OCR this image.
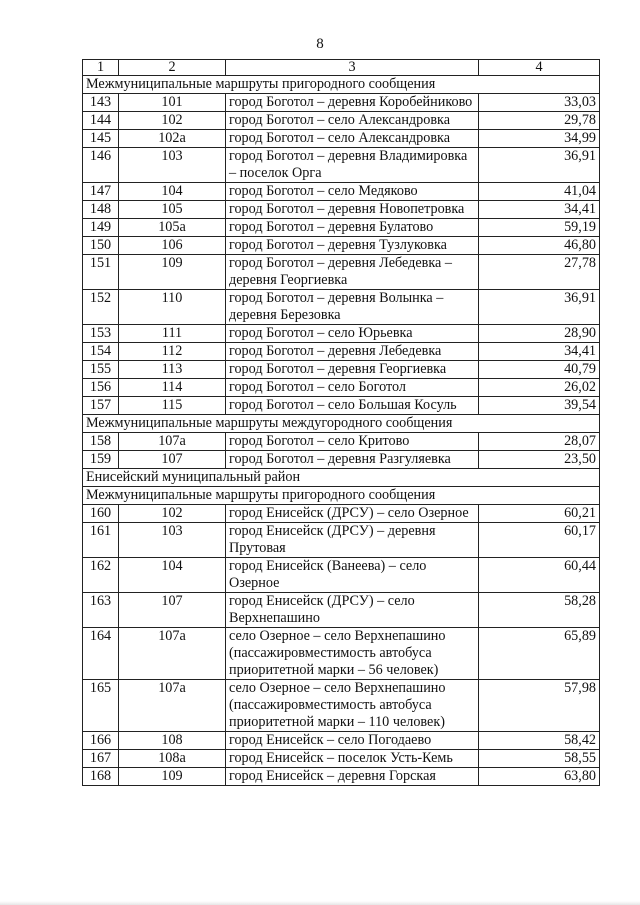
8
1	2	3	4
Межмуниципальные маршруты пригородного сообщения			
143	101	город Боготол – деревня Коробейниково	33,03
144	102	город Боготол – село Александровка	29,78
145	102а	город Боготол – село Александровка	34,99
146	103	город Боготол – деревня Владимировка – поселок Орга	36,91
147	104	город Боготол – село Медяково	41,04
148	105	город Боготол – деревня Новопетровка	34,41
149	105а	город Боготол – деревня Булатово	59,19
150	106	город Боготол – деревня Тузлуковка	46,80
151	109	город Боготол – деревня Лебедевка – деревня Георгиевка	27,78
152	110	город Боготол – деревня Волынка – деревня Березовка	36,91
153	111	город Боготол – село Юрьевка	28,90
154	112	город Боготол – деревня Лебедевка	34,41
155	113	город Боготол – деревня Георгиевка	40,79
156	114	город Боготол – село Боготол	26,02
157	115	город Боготол – село Большая Косуль	39,54
Межмуниципальные маршруты междугородного сообщения			
158	107а	город Боготол – село Критово	28,07
159	107	город Боготол – деревня Разгуляевка	23,50
Енисейский муниципальный район			
Межмуниципальные маршруты пригородного сообщения			
160	102	город Енисейск (ДРСУ) – село Озерное	60,21
161	103	город Енисейск (ДРСУ) – деревня Прутовая	60,17
162	104	город Енисейск (Ванеева) – село Озерное	60,44
163	107	город Енисейск (ДРСУ) – село Верхнепашино	58,28
164	107а	село Озерное – село Верхнепашино (пассажировместимость автобуса приоритетной марки – 56 человек)	65,89
165	107а	село Озерное – село Верхнепашино (пассажировместимость автобуса приоритетной марки – 110 человек)	57,98
166	108	город Енисейск – село Погодаево	58,42
167	108а	город Енисейск – поселок Усть-Кемь	58,55
168	109	город Енисейск – деревня Горская	63,80
